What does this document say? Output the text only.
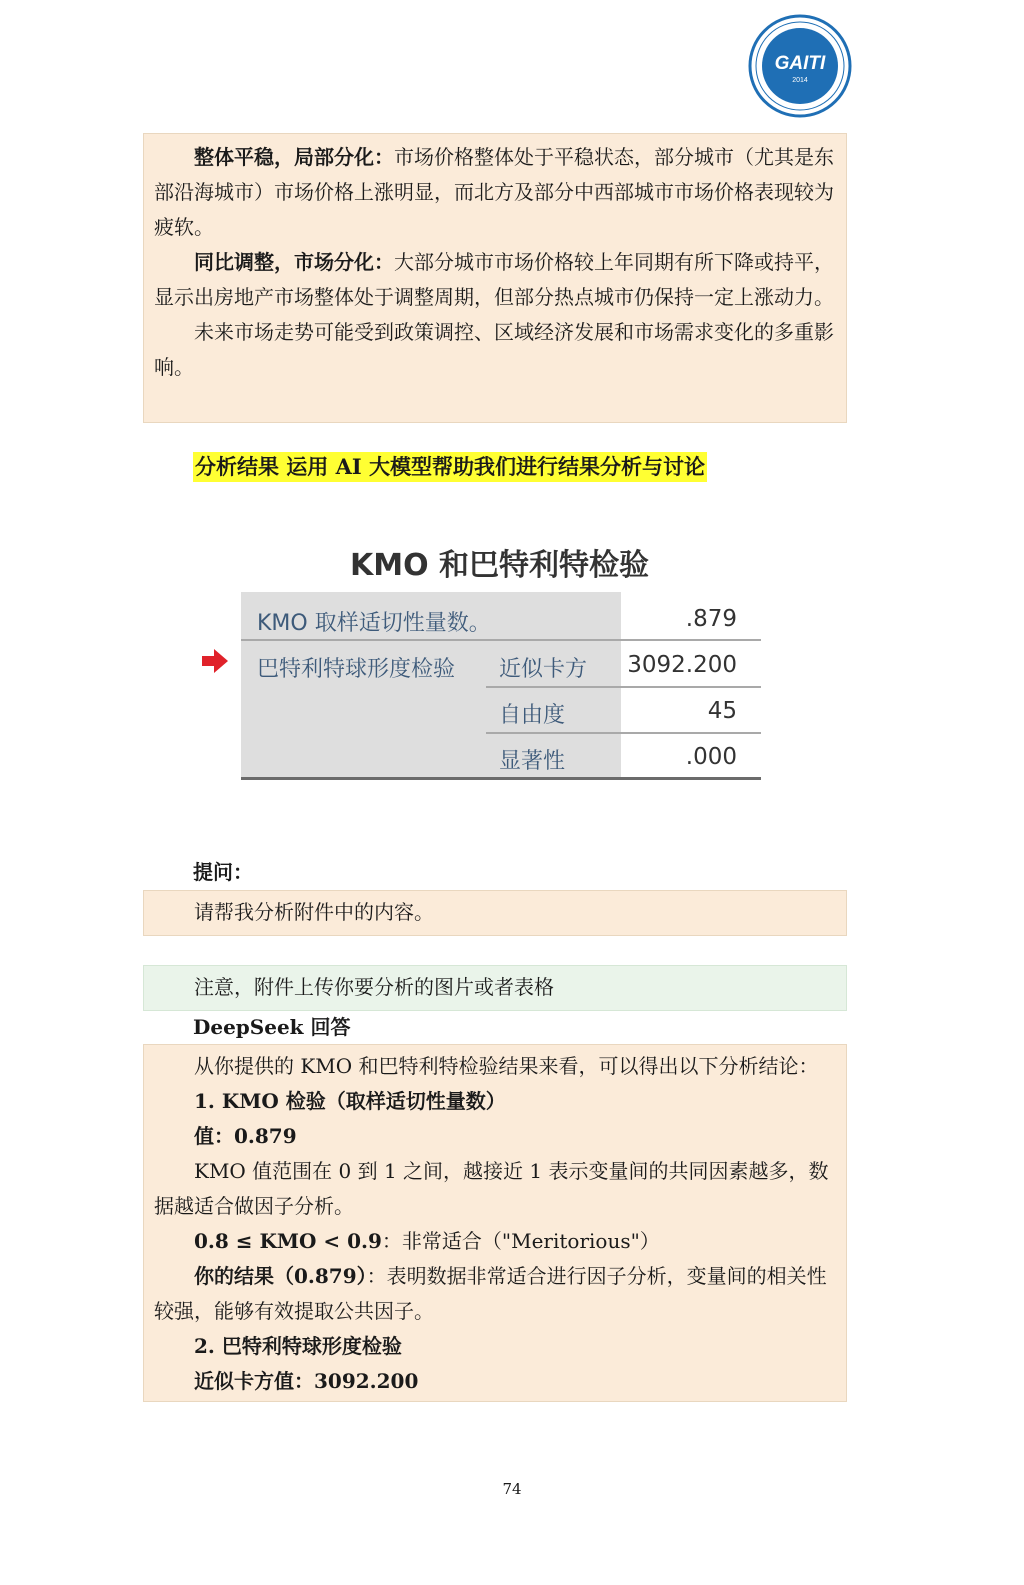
GAITI
2014

整体平稳，局部分化：市场价格整体处于平稳状态，部分城市（尤其是东部沿海城市）市场价格上涨明显，而北方及部分中西部城市市场价格表现较为疲软。

同比调整，市场分化：大部分城市市场价格较上年同期有所下降或持平，显示出房地产市场整体处于调整周期，但部分热点城市仍保持一定上涨动力。

未来市场走势可能受到政策调控、区域经济发展和市场需求变化的多重影响。

分析结果 运用 AI 大模型帮助我们进行结果分析与讨论
KMO 和巴特利特检验
KMO 取样适切性量数。	.879
巴特利特球形度检验 近似卡方 3092.200
自由度	45
显著性	.000
提问：

请帮我分析附件中的内容。

注意，附件上传你要分析的图片或者表格

DeepSeek 回答

从你提供的 KMO 和巴特利特检验结果来看，可以得出以下分析结论：

1. KMO 检验（取样适切性量数）

值：0.879

KMO 值范围在 0 到 1 之间，越接近 1 表示变量间的共同因素越多，数据越适合做因子分析。

0.8 ≤ KMO < 0.9：非常适合（"Meritorious"）

你的结果（0.879）：表明数据非常适合进行因子分析，变量间的相关性较强，能够有效提取公共因子。

2. 巴特利特球形度检验

近似卡方值：3092.200

74
